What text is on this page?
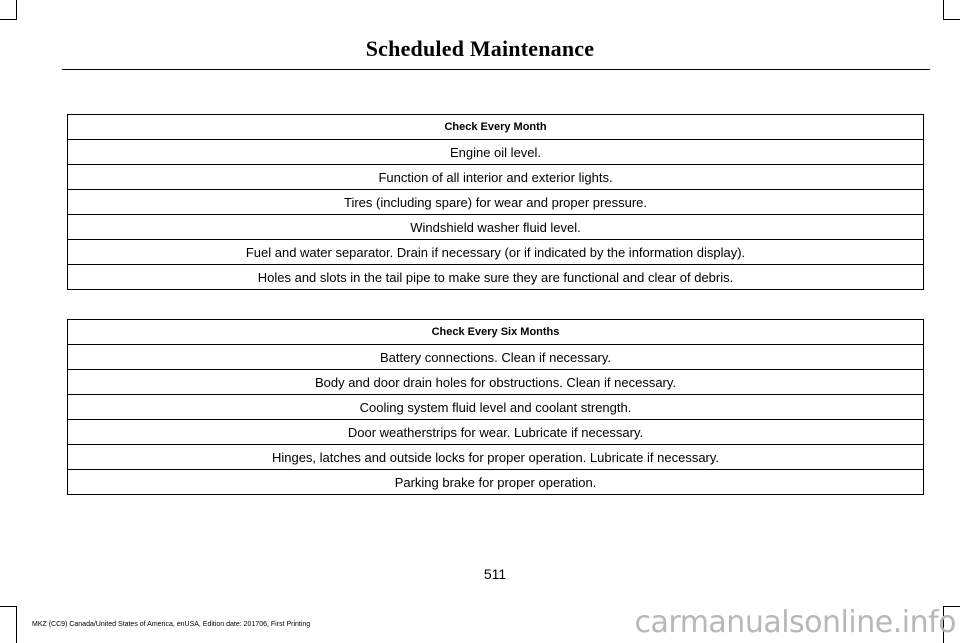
Scheduled Maintenance
Check Every Month
Engine oil level.
Function of all interior and exterior lights.
Tires (including spare) for wear and proper pressure.
Windshield washer fluid level.
Fuel and water separator. Drain if necessary (or if indicated by the information display).
Holes and slots in the tail pipe to make sure they are functional and clear of debris.
Check Every Six Months
Battery connections. Clean if necessary.
Body and door drain holes for obstructions. Clean if necessary.
Cooling system fluid level and coolant strength.
Door weatherstrips for wear. Lubricate if necessary.
Hinges, latches and outside locks for proper operation. Lubricate if necessary.
Parking brake for proper operation.
511
MKZ (CC9) Canada/United States of America, enUSA, Edition date: 201706, First Printing	carmanualsonline.info
